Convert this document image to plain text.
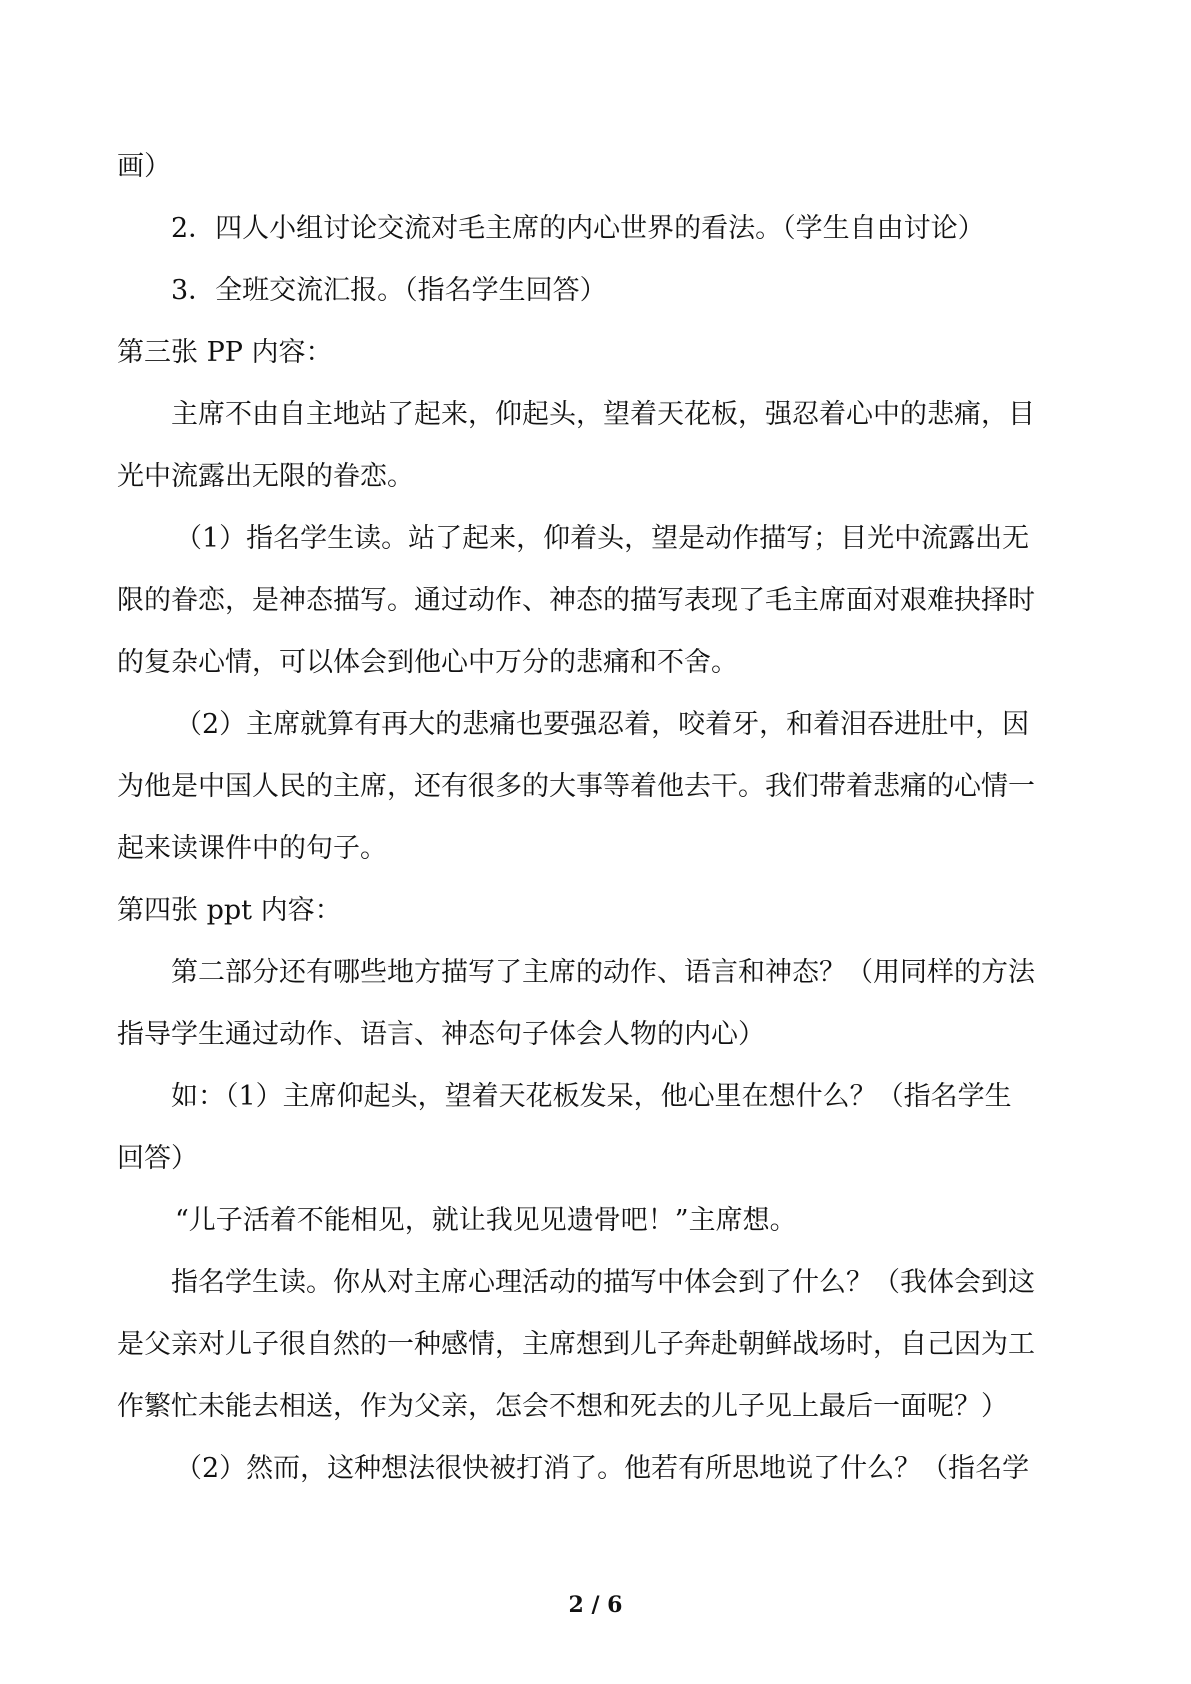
画）

2．四人小组讨论交流对毛主席的内心世界的看法。（学生自由讨论）

3．全班交流汇报。（指名学生回答）

第三张 PP 内容：

主席不由自主地站了起来，仰起头，望着天花板，强忍着心中的悲痛，目

光中流露出无限的眷恋。

（1）指名学生读。站了起来，仰着头，望是动作描写；目光中流露出无

限的眷恋，是神态描写。通过动作、神态的描写表现了毛主席面对艰难抉择时

的复杂心情，可以体会到他心中万分的悲痛和不舍。

（2）主席就算有再大的悲痛也要强忍着，咬着牙，和着泪吞进肚中，因

为他是中国人民的主席，还有很多的大事等着他去干。我们带着悲痛的心情一

起来读课件中的句子。

第四张 ppt 内容：

第二部分还有哪些地方描写了主席的动作、语言和神态？（用同样的方法

指导学生通过动作、语言、神态句子体会人物的内心）

如：（1）主席仰起头，望着天花板发呆，他心里在想什么？（指名学生

回答）

“儿子活着不能相见，就让我见见遗骨吧！”主席想。

指名学生读。你从对主席心理活动的描写中体会到了什么？（我体会到这

是父亲对儿子很自然的一种感情，主席想到儿子奔赴朝鲜战场时，自己因为工

作繁忙未能去相送，作为父亲，怎会不想和死去的儿子见上最后一面呢？）

（2）然而，这种想法很快被打消了。他若有所思地说了什么？（指名学

2 / 6
